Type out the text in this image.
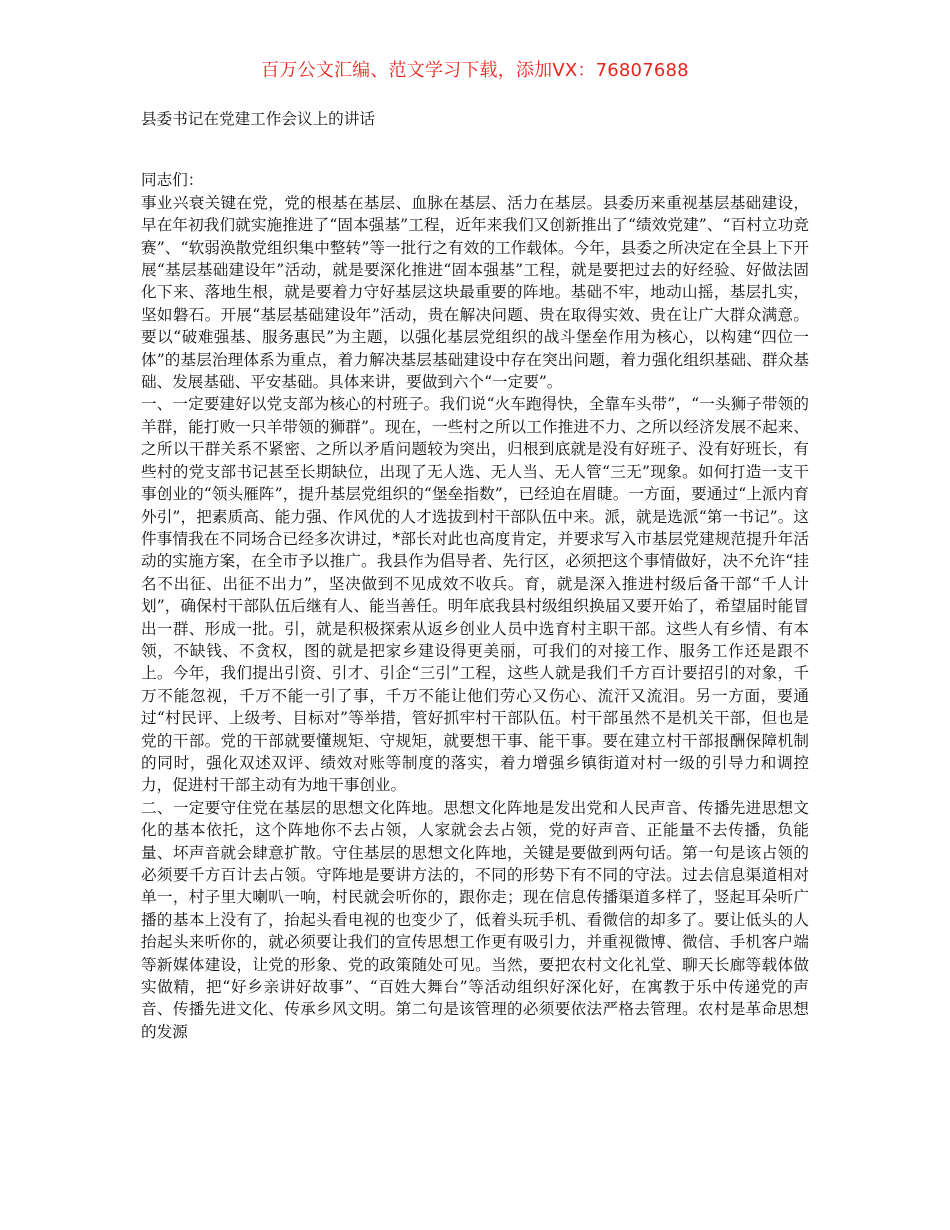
百万公文汇编、范文学习下载，添加VX：76807688
县委书记在党建工作会议上的讲话

同志们：

事业兴衰关键在党，党的根基在基层、血脉在基层、活力在基层。县委历来重视基层基础建设，早在年初我们就实施推进了“固本强基”工程，近年来我们又创新推出了“绩效党建”、“百村立功竞赛”、“软弱涣散党组织集中整转”等一批行之有效的工作载体。今年，县委之所决定在全县上下开展“基层基础建设年”活动，就是要深化推进“固本强基”工程，就是要把过去的好经验、好做法固化下来、落地生根，就是要着力守好基层这块最重要的阵地。基础不牢，地动山摇，基层扎实，坚如磐石。开展“基层基础建设年”活动，贵在解决问题、贵在取得实效、贵在让广大群众满意。要以“破难强基、服务惠民”为主题，以强化基层党组织的战斗堡垒作用为核心，以构建“四位一体”的基层治理体系为重点，着力解决基层基础建设中存在突出问题，着力强化组织基础、群众基础、发展基础、平安基础。具体来讲，要做到六个“一定要”。

一、一定要建好以党支部为核心的村班子。我们说“火车跑得快，全靠车头带”，“一头狮子带领的羊群，能打败一只羊带领的狮群”。现在，一些村之所以工作推进不力、之所以经济发展不起来、之所以干群关系不紧密、之所以矛盾问题较为突出，归根到底就是没有好班子、没有好班长，有些村的党支部书记甚至长期缺位，出现了无人选、无人当、无人管“三无”现象。如何打造一支干事创业的“领头雁阵”，提升基层党组织的“堡垒指数”，已经迫在眉睫。一方面，要通过“上派内育外引”，把素质高、能力强、作风优的人才选拔到村干部队伍中来。派，就是选派“第一书记”。这件事情我在不同场合已经多次讲过，*部长对此也高度肯定，并要求写入市基层党建规范提升年活动的实施方案，在全市予以推广。我县作为倡导者、先行区，必须把这个事情做好，决不允许“挂名不出征、出征不出力”，坚决做到不见成效不收兵。育，就是深入推进村级后备干部“千人计划”，确保村干部队伍后继有人、能当善任。明年底我县村级组织换届又要开始了，希望届时能冒出一群、形成一批。引，就是积极探索从返乡创业人员中选育村主职干部。这些人有乡情、有本领，不缺钱、不贪权，图的就是把家乡建设得更美丽，可我们的对接工作、服务工作还是跟不上。今年，我们提出引资、引才、引企“三引”工程，这些人就是我们千方百计要招引的对象，千万不能忽视，千万不能一引了事，千万不能让他们劳心又伤心、流汗又流泪。另一方面，要通过“村民评、上级考、目标对”等举措，管好抓牢村干部队伍。村干部虽然不是机关干部，但也是党的干部。党的干部就要懂规矩、守规矩，就要想干事、能干事。要在建立村干部报酬保障机制的同时，强化双述双评、绩效对账等制度的落实，着力增强乡镇街道对村一级的引导力和调控力，促进村干部主动有为地干事创业。

二、一定要守住党在基层的思想文化阵地。思想文化阵地是发出党和人民声音、传播先进思想文化的基本依托，这个阵地你不去占领，人家就会去占领，党的好声音、正能量不去传播，负能量、坏声音就会肆意扩散。守住基层的思想文化阵地，关键是要做到两句话。第一句是该占领的必须要千方百计去占领。守阵地是要讲方法的，不同的形势下有不同的守法。过去信息渠道相对单一，村子里大喇叭一响，村民就会听你的，跟你走；现在信息传播渠道多样了，竖起耳朵听广播的基本上没有了，抬起头看电视的也变少了，低着头玩手机、看微信的却多了。要让低头的人抬起头来听你的，就必须要让我们的宣传思想工作更有吸引力，并重视微博、微信、手机客户端等新媒体建设，让党的形象、党的政策随处可见。当然，要把农村文化礼堂、聊天长廊等载体做实做精，把“好乡亲讲好故事”、“百姓大舞台”等活动组织好深化好，在寓教于乐中传递党的声音、传播先进文化、传承乡风文明。第二句是该管理的必须要依法严格去管理。农村是革命思想的发源
